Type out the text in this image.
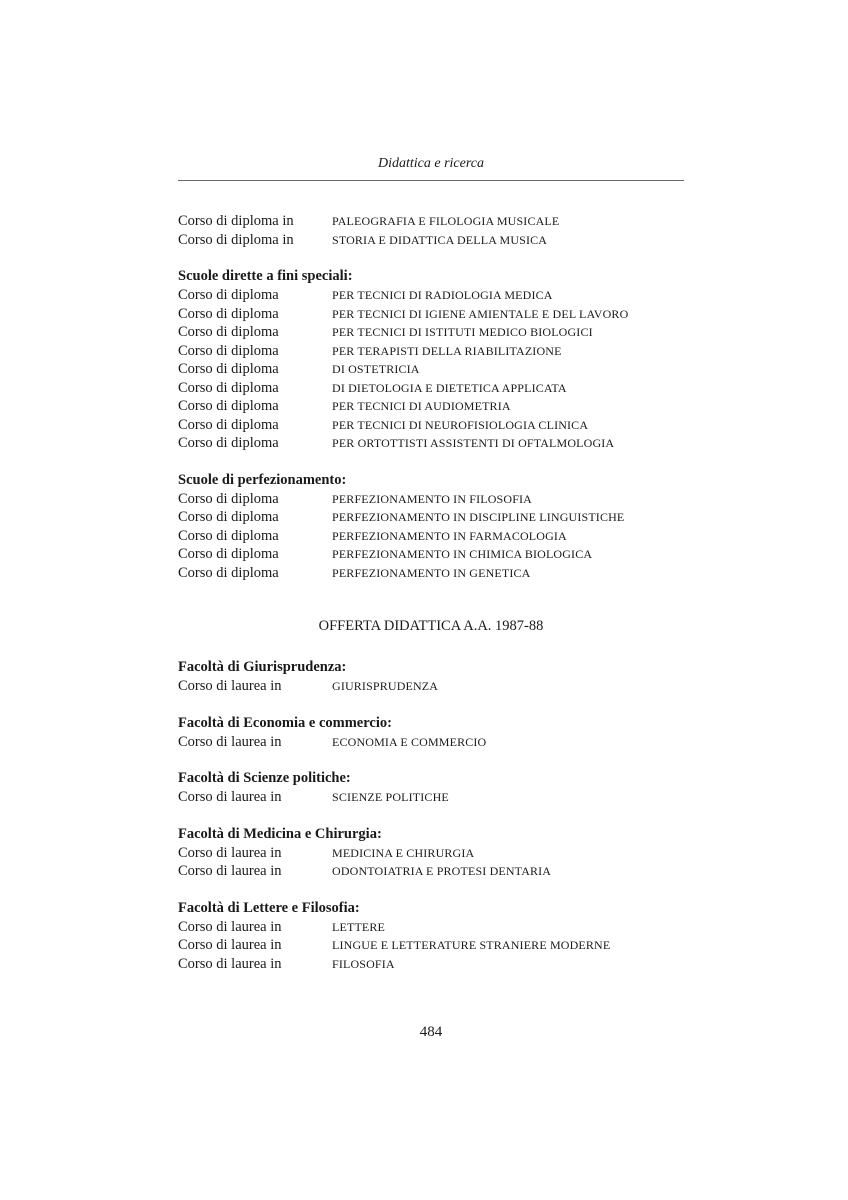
Didattica e ricerca
Corso di diploma in	PALEOGRAFIA E FILOLOGIA MUSICALE
Corso di diploma in	STORIA E DIDATTICA DELLA MUSICA
Scuole dirette a fini speciali:
Corso di diploma	PER TECNICI DI RADIOLOGIA MEDICA
Corso di diploma	PER TECNICI DI IGIENE AMIENTALE E DEL LAVORO
Corso di diploma	PER TECNICI DI ISTITUTI MEDICO BIOLOGICI
Corso di diploma	PER TERAPISTI DELLA RIABILITAZIONE
Corso di diploma	DI OSTETRICIA
Corso di diploma	DI DIETOLOGIA E DIETETICA APPLICATA
Corso di diploma	PER TECNICI DI AUDIOMETRIA
Corso di diploma	PER TECNICI DI NEUROFISIOLOGIA CLINICA
Corso di diploma	PER ORTOTTISTI ASSISTENTI DI OFTALMOLOGIA
Scuole di perfezionamento:
Corso di diploma	PERFEZIONAMENTO IN FILOSOFIA
Corso di diploma	PERFEZIONAMENTO IN DISCIPLINE LINGUISTICHE
Corso di diploma	PERFEZIONAMENTO IN FARMACOLOGIA
Corso di diploma	PERFEZIONAMENTO IN CHIMICA BIOLOGICA
Corso di diploma	PERFEZIONAMENTO IN GENETICA
OFFERTA DIDATTICA A.A. 1987-88
Facoltà di Giurisprudenza:
Corso di laurea in	GIURISPRUDENZA
Facoltà di Economia e commercio:
Corso di laurea in	ECONOMIA E COMMERCIO
Facoltà di Scienze politiche:
Corso di laurea in	SCIENZE POLITICHE
Facoltà di Medicina e Chirurgia:
Corso di laurea in	MEDICINA E CHIRURGIA
Corso di laurea in	ODONTOIATRIA E PROTESI DENTARIA
Facoltà di Lettere e Filosofia:
Corso di laurea in	LETTERE
Corso di laurea in	LINGUE E LETTERATURE STRANIERE MODERNE
Corso di laurea in	FILOSOFIA
484
